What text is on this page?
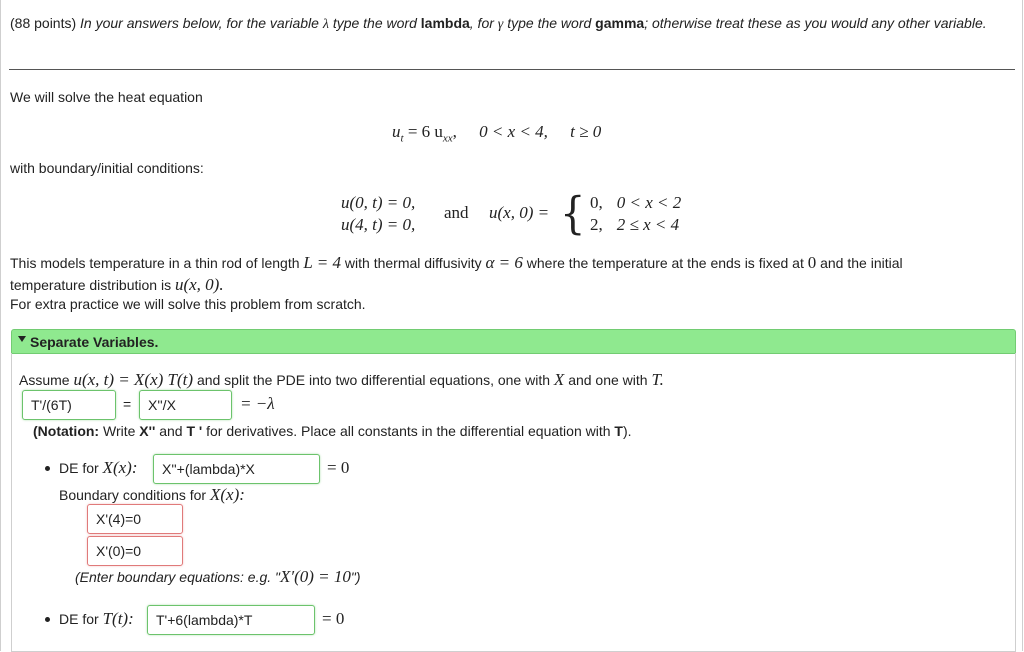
(88 points) In your answers below, for the variable λ type the word lambda, for γ type the word gamma; otherwise treat these as you would any other variable.
We will solve the heat equation
$u_t = 6$ $u_{xx}$, 0 < x < 4, t ≥ 0
with boundary/initial conditions:
u(0, t) = 0,
u(4, t) = 0,
and u(x, 0) = { 0, 0 < x < 2
2, 2 ≤ x < 4
This models temperature in a thin rod of length L = 4 with thermal diffusivity α = 6 where the temperature at the ends is fixed at 0 and the initial
temperature distribution is u(x, 0).
For extra practice we will solve this problem from scratch.
Separate Variables.
Assume u(x, t) = X(x) T(t) and split the PDE into two differential equations, one with X and one with T.
T'/(6T)	=	X''/X	= −λ
(Notation: Write X'' and T ' for derivatives. Place all constants in the differential equation with T).
DE for X(x):	X''+(lambda)*X	= 0
Boundary conditions for X(x):
X'(4)=0
X'(0)=0
(Enter boundary equations: e.g. "X′(0) = 10")
DE for T(t):	T'+6(lambda)*T	= 0
